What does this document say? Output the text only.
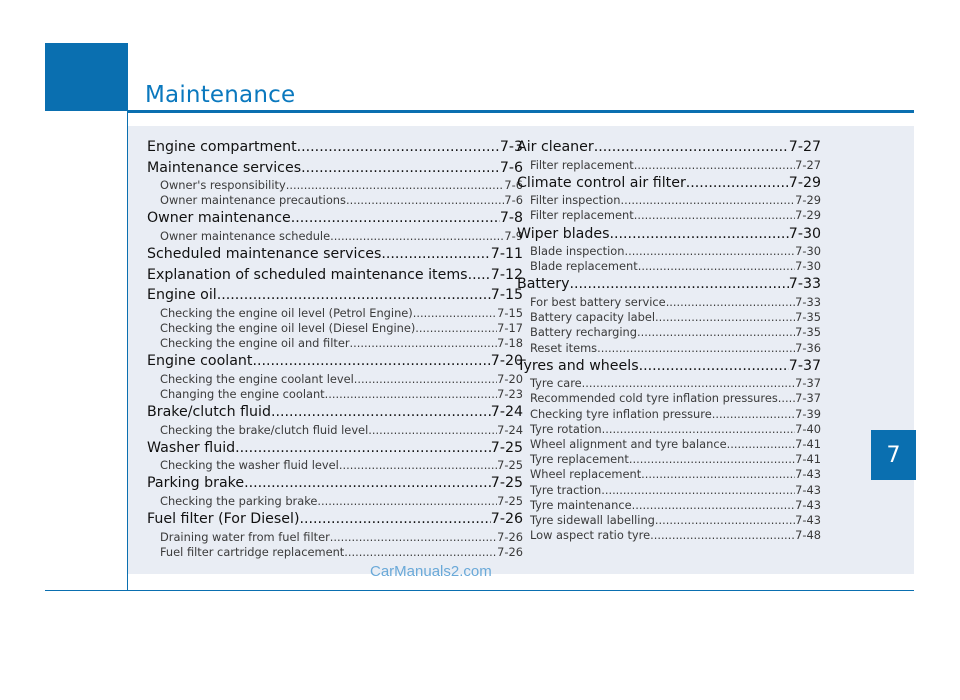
Maintenance
Engine compartment .....	7-3
Maintenance services .....	7-6
Owner's responsibility .....	7-6
Owner maintenance precautions .....	7-6
Owner maintenance .....	7-8
Owner maintenance schedule .....	7-9
Scheduled maintenance services .....	7-11
Explanation of scheduled maintenance items ..... 7-12
Engine oil .....	7-15
Checking the engine oil level (Petrol Engine) .....	7-15
Checking the engine oil level (Diesel Engine) .....	7-17
Checking the engine oil and filter .....	7-18
Engine coolant .....	7-20
Checking the engine coolant level .....	7-20
Changing the engine coolant .....	7-23
Brake/clutch fluid .....	7-24
Checking the brake/clutch fluid level .....	7-24
Washer fluid .....	7-25
Checking the washer fluid level .....	7-25
Parking brake .....	7-25
Checking the parking brake .....	7-25
Fuel filter (For Diesel) .....	7-26
Draining water from fuel filter .....	7-26
Fuel filter cartridge replacement .....	7-26
Air cleaner .....	7-27
Filter replacement .....	7-27
Climate control air filter .....	7-29
Filter inspection .....	7-29
Filter replacement .....	7-29
Wiper blades .....	7-30
Blade inspection .....	7-30
Blade replacement .....	7-30
Battery .....	7-33
For best battery service .....	7-33
Battery capacity label .....	7-35
Battery recharging .....	7-35
Reset items .....	7-36
Tyres and wheels .....	7-37
Tyre care .....	7-37
Recommended cold tyre inflation pressures ..... 7-37
Checking tyre inflation pressure .....	7-39
Tyre rotation .....	7-40
Wheel alignment and tyre balance .....	7-41
Tyre replacement .....	7-41
Wheel replacement .....	7-43
Tyre traction .....	7-43
Tyre maintenance .....	7-43
Tyre sidewall labelling .....	7-43
Low aspect ratio tyre .....	7-48
7
CarManuals2.com
